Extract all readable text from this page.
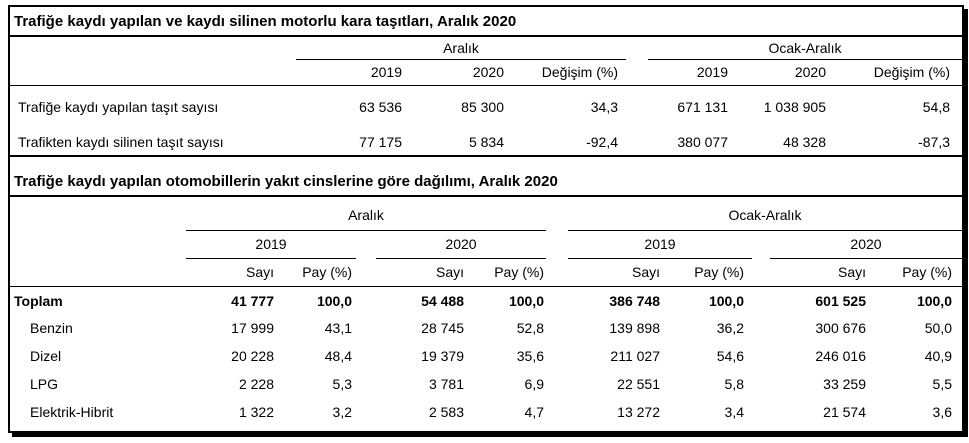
Trafiğe kaydı yapılan ve kaydı silinen motorlu kara taşıtları, Aralık 2020
Aralık	Ocak-Aralık
2019	2020	Değişim (%)	2019	2020	Değişim (%)
Trafiğe kaydı yapılan taşıt sayısı	63 536	85 300	34,3	671 131	1 038 905	54,8
Trafikten kaydı silinen taşıt sayısı	77 175	5 834	-92,4	380 077	48 328	-87,3
Trafiğe kaydı yapılan otomobillerin yakıt cinslerine göre dağılımı, Aralık 2020
Aralık	Ocak-Aralık
2019	2020	2019	2020
Sayı	Pay (%)	Sayı	Pay (%)	Sayı	Pay (%)	Sayı	Pay (%)
Toplam	41 777	100,0	54 488	100,0	386 748	100,0	601 525	100,0
Benzin	17 999	43,1	28 745	52,8	139 898	36,2	300 676	50,0
Dizel	20 228	48,4	19 379	35,6	211 027	54,6	246 016	40,9
LPG	2 228	5,3	3 781	6,9	22 551	5,8	33 259	5,5
Elektrik-Hibrit	1 322	3,2	2 583	4,7	13 272	3,4	21 574	3,6
